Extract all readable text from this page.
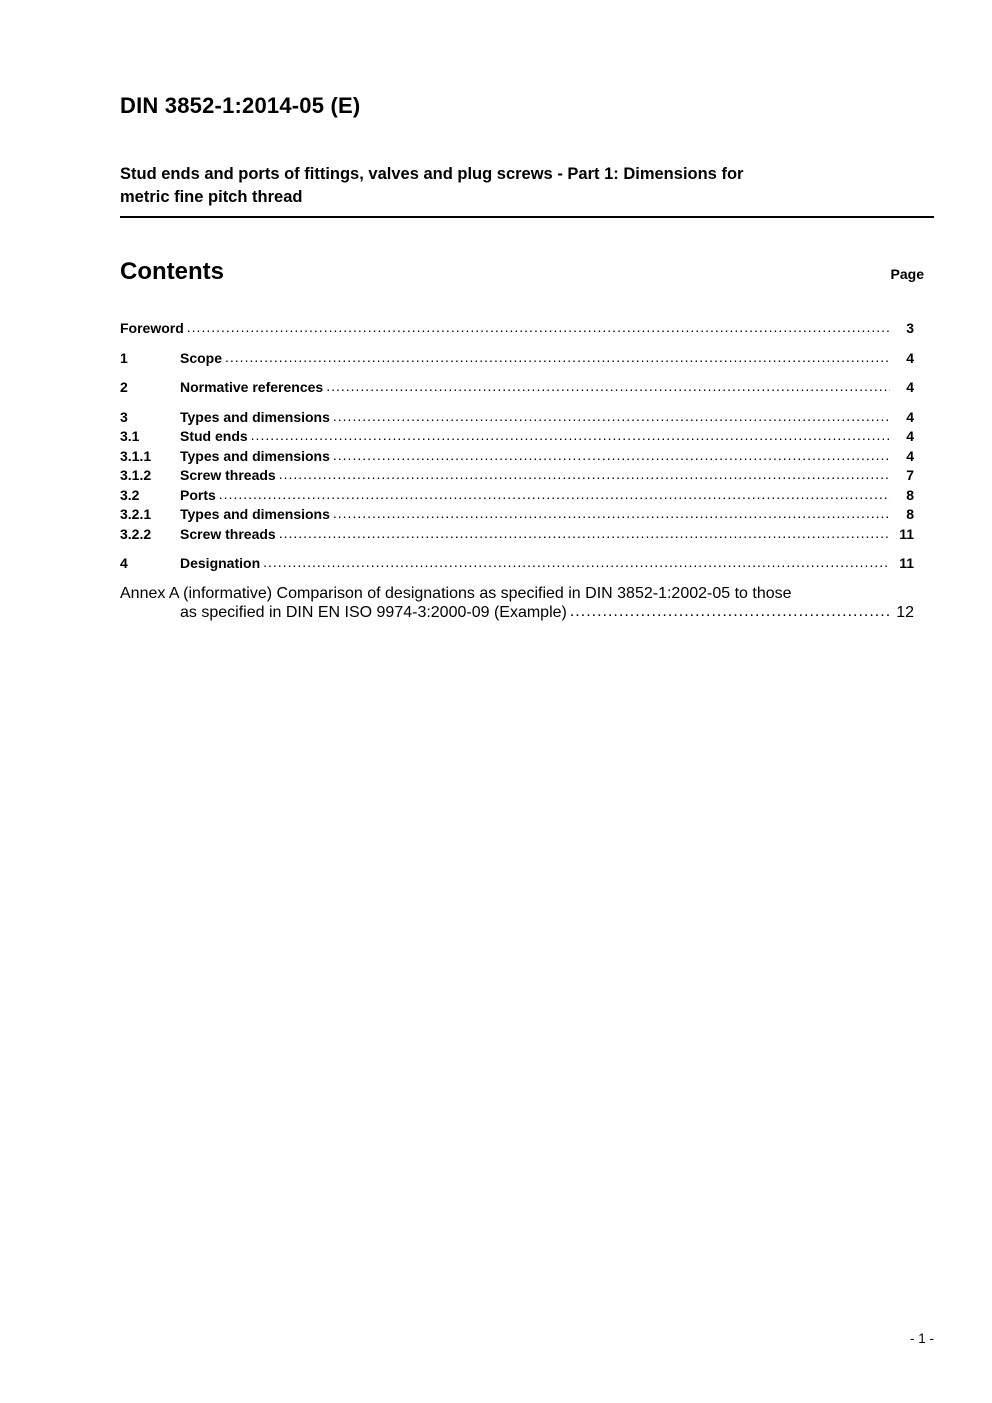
DIN 3852-1:2014-05 (E)
Stud ends and ports of fittings, valves and plug screws - Part 1: Dimensions for
metric fine pitch thread
Contents	Page
Foreword .....	3
1	Scope .....	4
2	Normative references .....	4
3	Types and dimensions .....	4
3.1	Stud ends .....	4
3.1.1	Types and dimensions .....	4
3.1.2	Screw threads .....	7
3.2	Ports .....	8
3.2.1	Types and dimensions .....	8
3.2.2	Screw threads .....	11
4	Designation .....	11
Annex A (informative) Comparison of designations as specified in DIN 3852-1:2002-05 to those
as specified in DIN EN ISO 9974-3:2000-09 (Example) .....	12
- 1 -
